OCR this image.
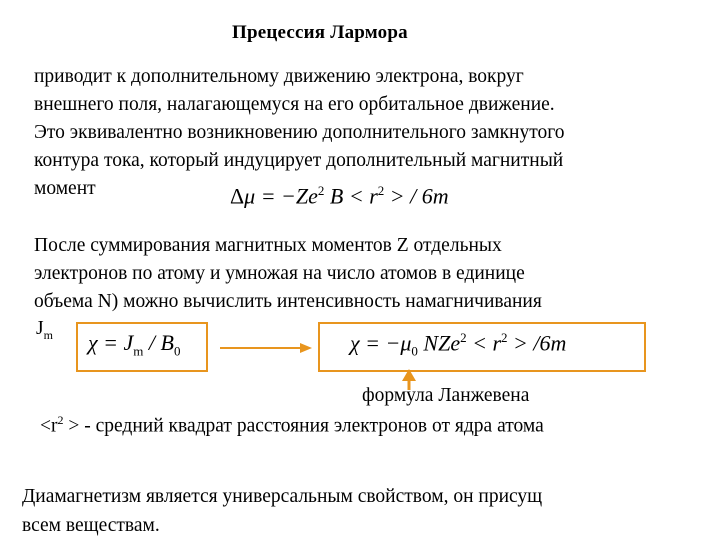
Прецессия Лармора
приводит к дополнительному движению электрона, вокруг
внешнего поля, налагающемуся на его орбитальное движение.
Это эквивалентно возникновению дополнительного замкнутого
контура тока, который индуцирует дополнительный магнитный
момент	$\Delta\mu = -Ze^2$ $B < r^2$ > / 6m
После суммирования магнитных моментов Z отдельных
электронов по атому и умножая на число атомов в единице
объема N) можно вычислить интенсивность намагничивания
$J_m$ $\chi = J_m / B_0$	$\chi = -\mu_0$ $NZe^2 < r^2 > /6m$
формула Ланжевена
$<r^2$ > - средний квадрат расстояния электронов от ядра атома
Диамагнетизм является универсальным свойством, он присущ
всем веществам.
